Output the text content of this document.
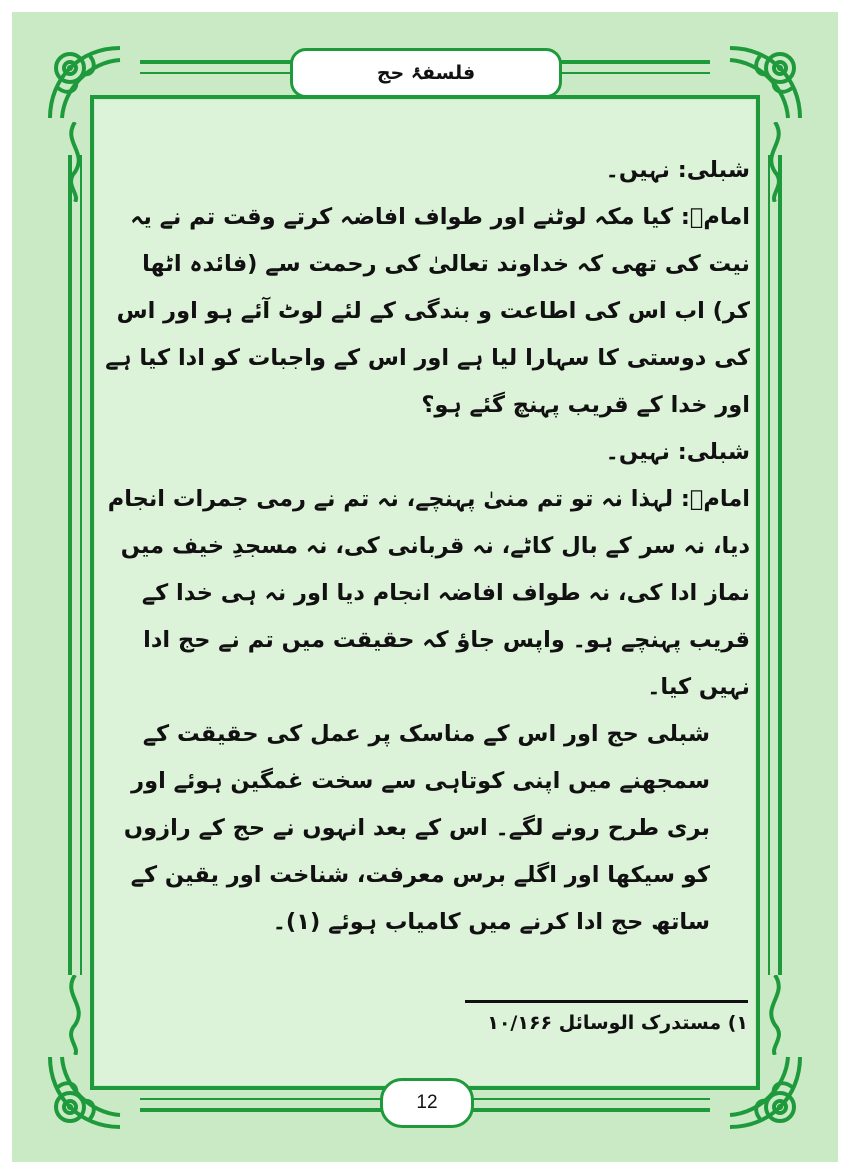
فلسفۂ حج

شبلی: نہیں۔

امامؑ: کیا مکہ لوٹنے اور طواف افاضہ کرتے وقت تم نے یہ نیت کی تھی کہ خداوند تعالیٰ کی رحمت سے (فائدہ اٹھا کر) اب اس کی اطاعت و بندگی کے لئے لوٹ آئے ہو اور اس کی دوستی کا سہارا لیا ہے اور اس کے واجبات کو ادا کیا ہے اور خدا کے قریب پہنچ گئے ہو؟

شبلی: نہیں۔

امامؑ: لہذا نہ تو تم منیٰ پہنچے، نہ تم نے رمی جمرات انجام دیا، نہ سر کے بال کاٹے، نہ قربانی کی، نہ مسجدِ خیف میں نماز ادا کی، نہ طواف افاضہ انجام دیا اور نہ ہی خدا کے قریب پہنچے ہو۔ واپس جاؤ کہ حقیقت میں تم نے حج ادا نہیں کیا۔

شبلی حج اور اس کے مناسک پر عمل کی حقیقت کے سمجھنے میں اپنی کوتاہی سے سخت غمگین ہوئے اور بری طرح رونے لگے۔ اس کے بعد انہوں نے حج کے رازوں کو سیکھا اور اگلے برس معرفت، شناخت اور یقین کے ساتھ حج ادا کرنے میں کامیاب ہوئے (۱)۔

۱) مستدرک الوسائل ۱۰/۱۶۶
12
